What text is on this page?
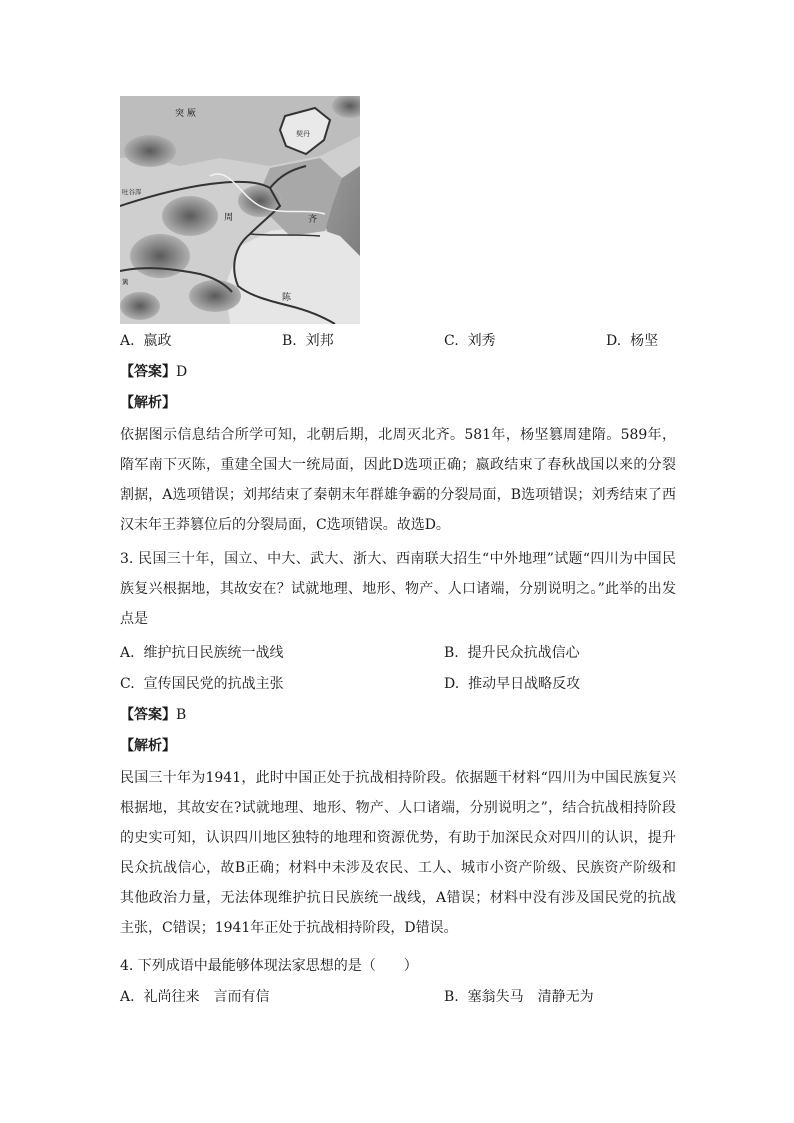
突 厥
契丹
吐谷浑
周	齐
陈
篱
A. 嬴政	B. 刘邦	C. 刘秀	D. 杨坚
【答案】D
【解析】
依据图示信息结合所学可知，北朝后期，北周灭北齐。581年，杨坚篡周建隋。589年，隋军南下灭陈，重建全国大一统局面，因此D选项正确；嬴政结束了春秋战国以来的分裂割据，A选项错误；刘邦结束了秦朝末年群雄争霸的分裂局面，B选项错误；刘秀结束了西汉末年王莽篡位后的分裂局面，C选项错误。故选D。
3. 民国三十年，国立、中大、武大、浙大、西南联大招生“中外地理”试题“四川为中国民族复兴根据地，其故安在？试就地理、地形、物产、人口诸端，分别说明之。”此举的出发点是
A. 维护抗日民族统一战线	B. 提升民众抗战信心
C. 宣传国民党的抗战主张	D. 推动早日战略反攻
【答案】B
【解析】
民国三十年为1941，此时中国正处于抗战相持阶段。依据题干材料“四川为中国民族复兴根据地，其故安在?试就地理、地形、物产、人口诸端，分别说明之”，结合抗战相持阶段的史实可知，认识四川地区独特的地理和资源优势，有助于加深民众对四川的认识，提升民众抗战信心，故B正确；材料中未涉及农民、工人、城市小资产阶级、民族资产阶级和其他政治力量，无法体现维护抗日民族统一战线，A错误；材料中没有涉及国民党的抗战主张，C错误；1941年正处于抗战相持阶段，D错误。
4. 下列成语中最能够体现法家思想的是（　　）
A. 礼尚往来　言而有信	B. 塞翁失马　清静无为
